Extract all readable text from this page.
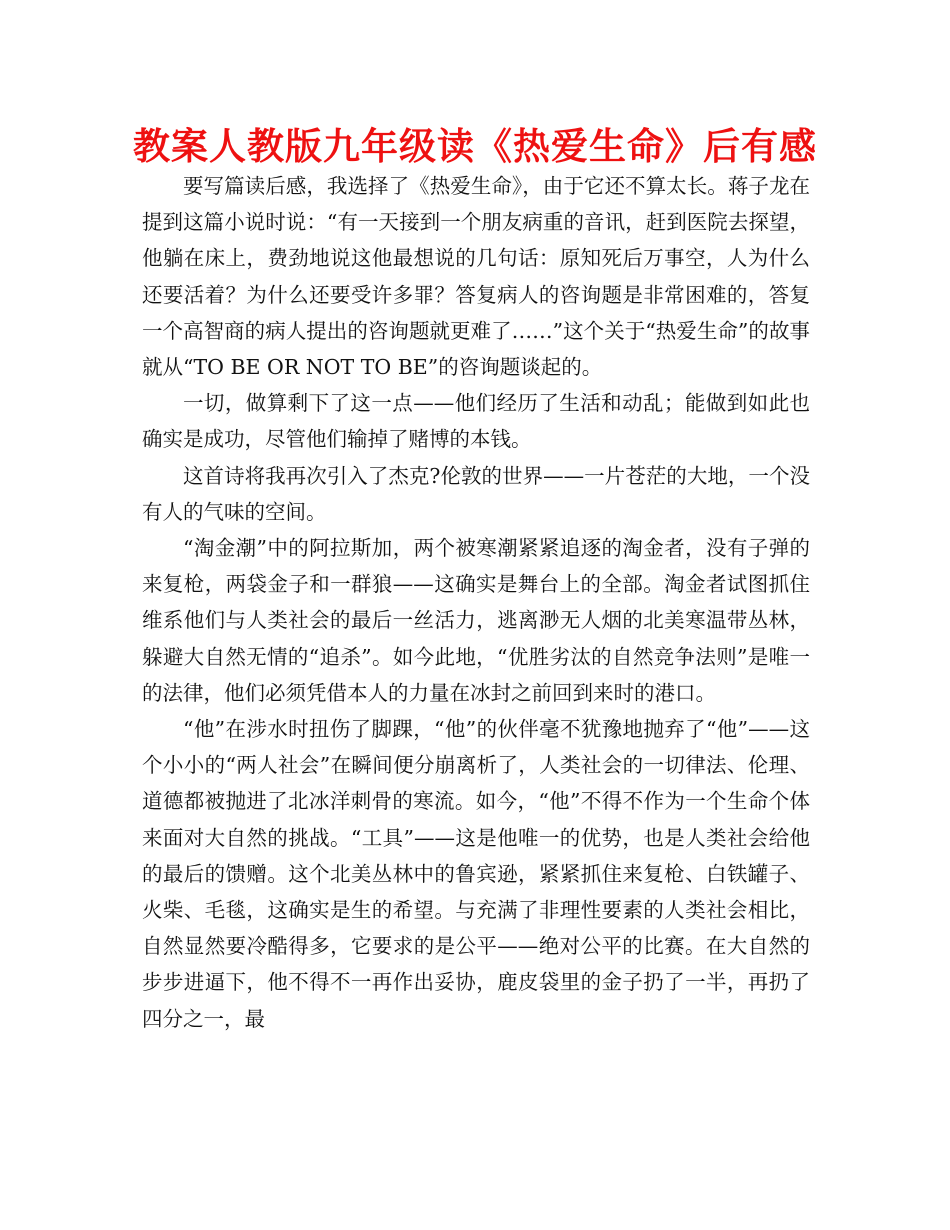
教案人教版九年级读《热爱生命》后有感

要写篇读后感，我选择了《热爱生命》，由于它还不算太长。蒋子龙在提到这篇小说时说：“有一天接到一个朋友病重的音讯，赶到医院去探望，他躺在床上，费劲地说这他最想说的几句话：原知死后万事空，人为什么还要活着？为什么还要受许多罪？答复病人的咨询题是非常困难的，答复一个高智商的病人提出的咨询题就更难了……”这个关于“热爱生命”的故事就从“TO BE OR NOT TO BE”的咨询题谈起的。

一切，做算剩下了这一点——他们经历了生活和动乱；能做到如此也确实是成功，尽管他们输掉了赌博的本钱。

这首诗将我再次引入了杰克?伦敦的世界——一片苍茫的大地，一个没有人的气味的空间。

“淘金潮”中的阿拉斯加，两个被寒潮紧紧追逐的淘金者，没有子弹的来复枪，两袋金子和一群狼——这确实是舞台上的全部。淘金者试图抓住维系他们与人类社会的最后一丝活力，逃离渺无人烟的北美寒温带丛林，躲避大自然无情的“追杀”。如今此地，“优胜劣汰的自然竞争法则”是唯一的法律，他们必须凭借本人的力量在冰封之前回到来时的港口。

“他”在涉水时扭伤了脚踝，“他”的伙伴毫不犹豫地抛弃了“他”——这个小小的“两人社会”在瞬间便分崩离析了，人类社会的一切律法、伦理、道德都被抛进了北冰洋刺骨的寒流。如今，“他”不得不作为一个生命个体来面对大自然的挑战。“工具”——这是他唯一的优势，也是人类社会给他的最后的馈赠。这个北美丛林中的鲁宾逊，紧紧抓住来复枪、白铁罐子、火柴、毛毯，这确实是生的希望。与充满了非理性要素的人类社会相比，自然显然要冷酷得多，它要求的是公平——绝对公平的比赛。在大自然的步步进逼下，他不得不一再作出妥协，鹿皮袋里的金子扔了一半，再扔了四分之一，最
